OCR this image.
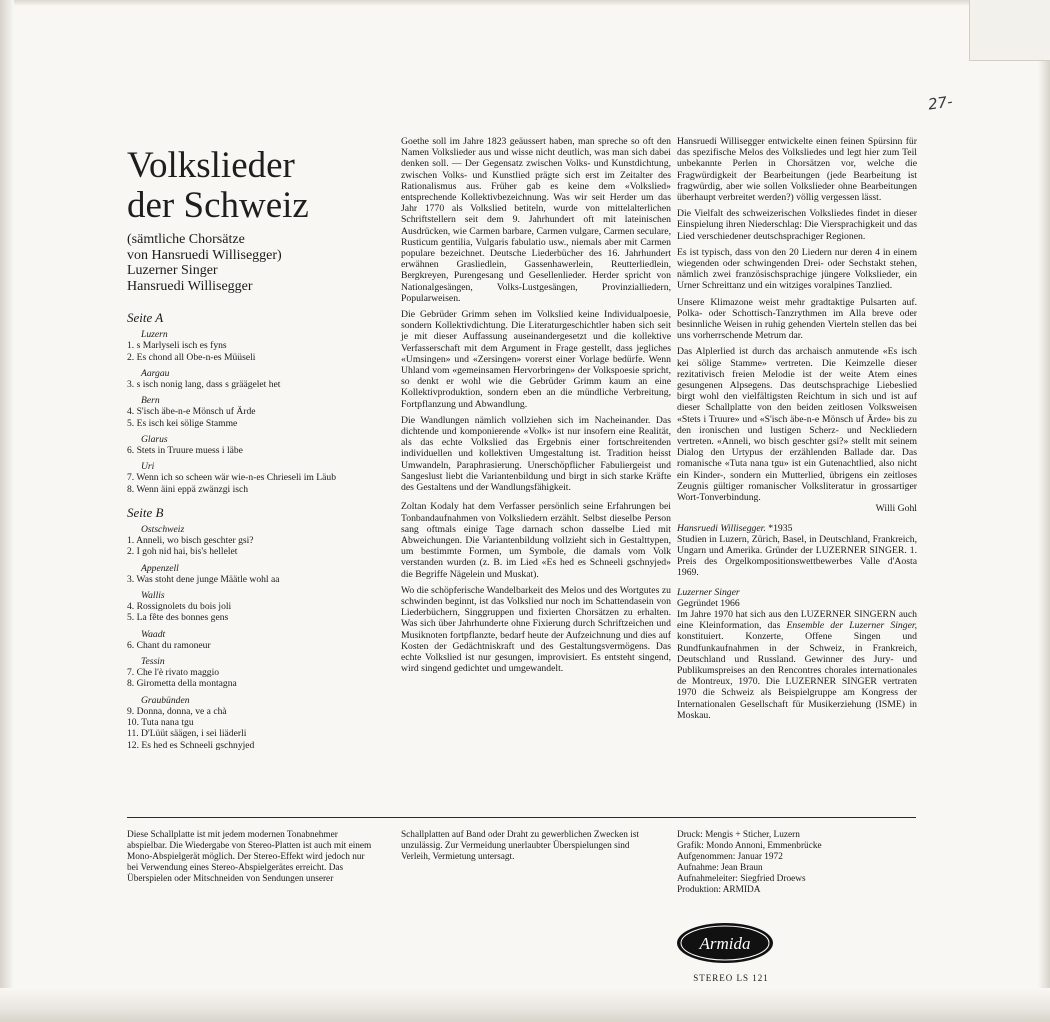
27-
Volkslieder
der Schweiz
(sämtliche Chorsätze
von Hansruedi Willisegger)
Luzerner Singer
Hansruedi Willisegger
Seite A
Luzern
1. s Marlyseli isch es fyns
2. Es chond all Obe-n-es Müüseli
Aargau
3. s isch nonig lang, dass s gräägelet het
Bern
4. S'isch äbe-n-e Mönsch uf Ärde
5. Es isch kei sölige Stamme
Glarus
6. Stets in Truure muess i läbe
Uri
7. Wenn ich so scheen wär wie-n-es Chrieseli im Läub
8. Wenn äini eppä zwänzgi isch
Seite B
Ostschweiz
1. Anneli, wo bisch geschter gsi?
2. I goh nid hai, bis's hellelet
Appenzell
3. Was stoht dene junge Määtle wohl aa
Wallis
4. Rossignolets du bois joli
5. La fête des bonnes gens
Waadt
6. Chant du ramoneur
Tessin
7. Che l'è rivato maggio
8. Girometta della montagna
Graubünden
9. Donna, donna, ve a chà
10. Tuta nana tgu
11. D'Lüüt säägen, i sei liäderli
12. Es hed es Schneeli gschnyjed

Goethe soll im Jahre 1823 geäussert haben, man spreche so oft den Namen Volkslieder aus und wisse nicht deutlich, was man sich dabei denken soll. — Der Gegensatz zwischen Volks- und Kunstdichtung, zwischen Volks- und Kunstlied prägte sich erst im Zeitalter des Rationalismus aus. Früher gab es keine dem «Volkslied» entsprechende Kollektivbezeichnung. Was wir seit Herder um das Jahr 1770 als Volkslied betiteln, wurde von mittelalterlichen Schriftstellern seit dem 9. Jahrhundert oft mit lateinischen Ausdrücken, wie Carmen barbare, Carmen vulgare, Carmen seculare, Rusticum gentilia, Vulgaris fabulatio usw., niemals aber mit Carmen populare bezeichnet. Deutsche Liederbücher des 16. Jahrhundert erwähnen Grasliedlein, Gassenhawerlein, Reutterliedlein, Bergkreyen, Purengesang und Gesellenlieder. Herder spricht von Nationalgesängen, Volks-Lustgesängen, Provinzialliedern, Popularweisen.

Die Gebrüder Grimm sehen im Volkslied keine Individualpoesie, sondern Kollektivdichtung. Die Literaturgeschichtler haben sich seit je mit dieser Auffassung auseinandergesetzt und die kollektive Verfasserschaft mit dem Argument in Frage gestellt, dass jegliches «Umsingen» und «Zersingen» vorerst einer Vorlage bedürfe. Wenn Uhland vom «gemeinsamen Hervorbringen» der Volkspoesie spricht, so denkt er wohl wie die Gebrüder Grimm kaum an eine Kollektivproduktion, sondern eben an die mündliche Verbreitung, Fortpflanzung und Abwandlung.

Die Wandlungen nämlich vollziehen sich im Nacheinander. Das dichtende und komponierende «Volk» ist nur insofern eine Realität, als das echte Volkslied das Ergebnis einer fortschreitenden individuellen und kollektiven Umgestaltung ist. Tradition heisst Umwandeln, Paraphrasierung. Unerschöpflicher Fabuliergeist und Sangeslust liebt die Variantenbildung und birgt in sich starke Kräfte des Gestaltens und der Wandlungsfähigkeit.

Zoltan Kodaly hat dem Verfasser persönlich seine Erfahrungen bei Tonbandaufnahmen von Volksliedern erzählt. Selbst dieselbe Person sang oftmals einige Tage darnach schon dasselbe Lied mit Abweichungen. Die Variantenbildung vollzieht sich in Gestalttypen, um bestimmte Formen, um Symbole, die damals vom Volk verstanden wurden (z. B. im Lied «Es hed es Schneeli gschnyjed» die Begriffe Nägelein und Muskat).

Wo die schöpferische Wandelbarkeit des Melos und des Wortgutes zu schwinden beginnt, ist das Volkslied nur noch im Schattendasein von Liederbüchern, Singgruppen und fixierten Chorsätzen zu erhalten. Was sich über Jahrhunderte ohne Fixierung durch Schriftzeichen und Musiknoten fortpflanzte, bedarf heute der Aufzeichnung und dies auf Kosten der Gedächtniskraft und des Gestaltungsvermögens. Das echte Volkslied ist nur gesungen, improvisiert. Es entsteht singend, wird singend gedichtet und umgewandelt.

Hansruedi Willisegger entwickelte einen feinen Spürsinn für das spezifische Melos des Volksliedes und legt hier zum Teil unbekannte Perlen in Chorsätzen vor, welche die Fragwürdigkeit der Bearbeitungen (jede Bearbeitung ist fragwürdig, aber wie sollen Volkslieder ohne Bearbeitungen überhaupt verbreitet werden?) völlig vergessen lässt.

Die Vielfalt des schweizerischen Volksliedes findet in dieser Einspielung ihren Niederschlag: Die Viersprachigkeit und das Lied verschiedener deutschsprachiger Regionen.

Es ist typisch, dass von den 20 Liedern nur deren 4 in einem wiegenden oder schwingenden Drei- oder Sechstakt stehen, nämlich zwei französischsprachige jüngere Volkslieder, ein Urner Schreittanz und ein witziges voralpines Tanzlied.

Unsere Klimazone weist mehr gradtaktige Pulsarten auf. Polka- oder Schottisch-Tanzrythmen im Alla breve oder besinnliche Weisen in ruhig gehenden Vierteln stellen das bei uns vorherrschende Metrum dar.

Das Alplerlied ist durch das archaisch anmutende «Es isch kei sölige Stamme» vertreten. Die Keimzelle dieser rezitativisch freien Melodie ist der weite Atem eines gesungenen Alpsegens. Das deutschsprachige Liebeslied birgt wohl den vielfältigsten Reichtum in sich und ist auf dieser Schallplatte von den beiden zeitlosen Volksweisen «Stets i Truure» und «S'isch äbe-n-e Mönsch uf Ärde» bis zu den ironischen und lustigen Scherz- und Neckliedern vertreten. «Anneli, wo bisch geschter gsi?» stellt mit seinem Dialog den Urtypus der erzählenden Ballade dar. Das romanische «Tuta nana tgu» ist ein Gutenachtlied, also nicht ein Kinder-, sondern ein Mutterlied, übrigens ein zeitloses Zeugnis gültiger romanischer Volksliteratur in grossartiger Wort-Tonverbindung.

Willi Gohl
Hansruedi Willisegger. *1935
Studien in Luzern, Zürich, Basel, in Deutschland, Frankreich, Ungarn und Amerika. Gründer der LUZERNER SINGER. 1. Preis des Orgelkompositionswettbewerbes Valle d'Aosta 1969.
Luzerner Singer
Gegründet 1966
Im Jahre 1970 hat sich aus den LUZERNER SINGERN auch eine Kleinformation, das Ensemble der Luzerner Singer, konstituiert. Konzerte, Offene Singen und Rundfunkaufnahmen in der Schweiz, in Frankreich, Deutschland und Russland. Gewinner des Jury- und Publikumspreises an den Rencontres chorales internationales de Montreux, 1970. Die LUZERNER SINGER vertraten 1970 die Schweiz als Beispielgruppe am Kongress der Internationalen Gesellschaft für Musikerziehung (ISME) in Moskau.
Diese Schallplatte ist mit jedem modernen Tonabnehmer abspielbar. Die Wiedergabe von Stereo-Platten ist auch mit einem Mono-Abspielgerät möglich. Der Stereo-Effekt wird jedoch nur bei Verwendung eines Stereo-Abspielgerätes erreicht. Das Überspielen oder Mitschneiden von Sendungen unserer
Schallplatten auf Band oder Draht zu gewerblichen Zwecken ist unzulässig. Zur Vermeidung unerlaubter Überspielungen sind Verleih, Vermietung untersagt.
Druck: Mengis + Sticher, Luzern
Grafik: Mondo Annoni, Emmenbrücke
Aufgenommen: Januar 1972
Aufnahme: Jean Braun
Aufnahmeleiter: Siegfried Droews
Produktion: ARMIDA
Armida
STEREO LS 121
